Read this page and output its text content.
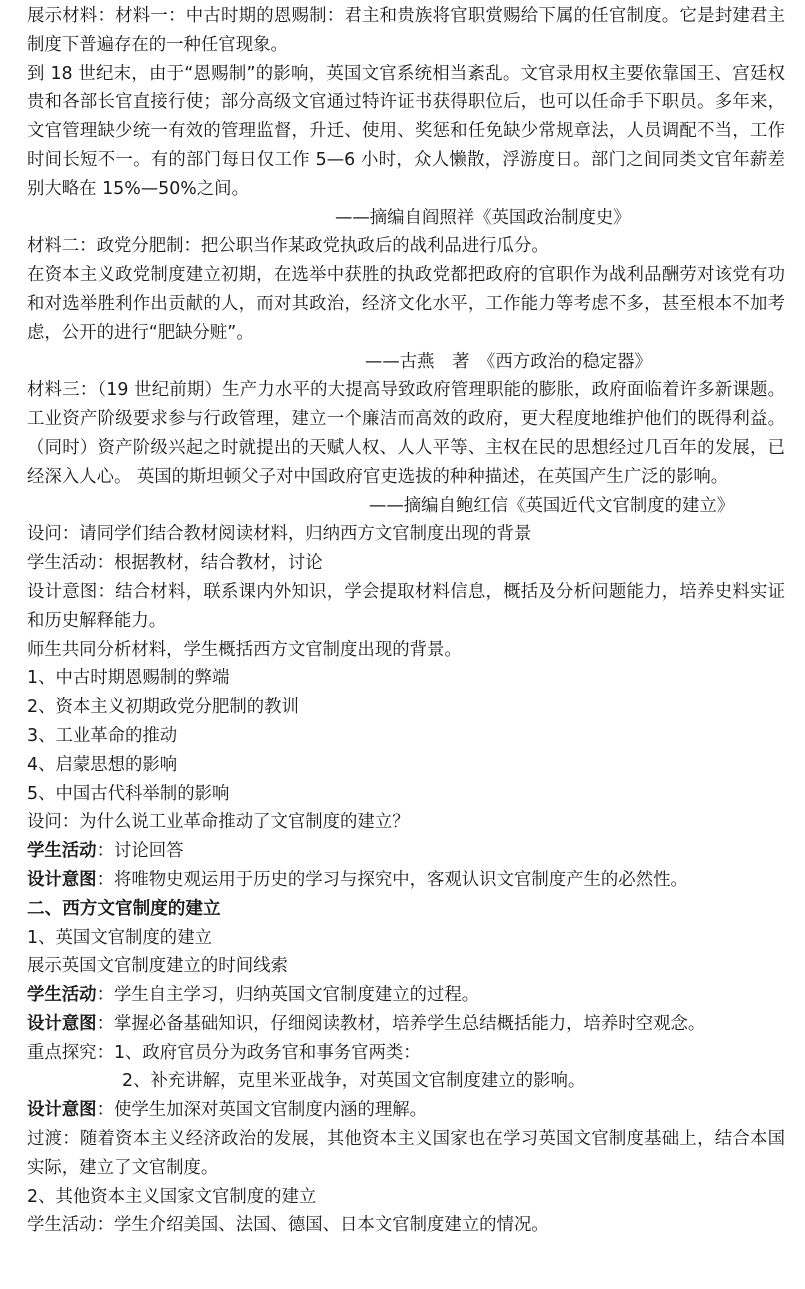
展示材料：材料一：中古时期的恩赐制：君主和贵族将官职赏赐给下属的任官制度。它是封建君主制度下普遍存在的一种任官现象。

到 18 世纪末，由于“恩赐制”的影响，英国文官系统相当紊乱。文官录用权主要依靠国王、宫廷权贵和各部长官直接行使；部分高级文官通过特许证书获得职位后，也可以任命手下职员。多年来，文官管理缺少统一有效的管理监督，升迁、使用、奖惩和任免缺少常规章法，人员调配不当，工作时间长短不一。有的部门每日仅工作 5—6 小时，众人懒散，浮游度日。部门之间同类文官年薪差别大略在 15%—50%之间。

——摘编自阎照祥《英国政治制度史》

材料二：政党分肥制：把公职当作某政党执政后的战利品进行瓜分。

在资本主义政党制度建立初期，在选举中获胜的执政党都把政府的官职作为战利品酬劳对该党有功和对选举胜利作出贡献的人，而对其政治，经济文化水平，工作能力等考虑不多，甚至根本不加考虑，公开的进行“肥缺分赃”。

——古燕　著　《西方政治的稳定器》

材料三：（19 世纪前期）生产力水平的大提高导致政府管理职能的膨胀，政府面临着许多新课题。工业资产阶级要求参与行政管理，建立一个廉洁而高效的政府，更大程度地维护他们的既得利益。（同时）资产阶级兴起之时就提出的天赋人权、人人平等、主权在民的思想经过几百年的发展，已经深入人心。 英国的斯坦顿父子对中国政府官吏选拔的种种描述，在英国产生广泛的影响。

——摘编自鲍红信《英国近代文官制度的建立》

设问：请同学们结合教材阅读材料，归纳西方文官制度出现的背景

学生活动：根据教材，结合教材，讨论

设计意图：结合材料，联系课内外知识，学会提取材料信息，概括及分析问题能力，培养史料实证和历史解释能力。

师生共同分析材料，学生概括西方文官制度出现的背景。

1、中古时期恩赐制的弊端

2、资本主义初期政党分肥制的教训

3、工业革命的推动

4、启蒙思想的影响

5、中国古代科举制的影响

设问：为什么说工业革命推动了文官制度的建立？

学生活动：讨论回答

设计意图：将唯物史观运用于历史的学习与探究中，客观认识文官制度产生的必然性。

二、西方文官制度的建立

1、英国文官制度的建立

展示英国文官制度建立的时间线索

学生活动：学生自主学习，归纳英国文官制度建立的过程。

设计意图：掌握必备基础知识，仔细阅读教材，培养学生总结概括能力，培养时空观念。

重点探究：1、政府官员分为政务官和事务官两类：

2、补充讲解，克里米亚战争，对英国文官制度建立的影响。

设计意图：使学生加深对英国文官制度内涵的理解。

过渡：随着资本主义经济政治的发展，其他资本主义国家也在学习英国文官制度基础上，结合本国实际，建立了文官制度。

2、其他资本主义国家文官制度的建立

学生活动：学生介绍美国、法国、德国、日本文官制度建立的情况。
